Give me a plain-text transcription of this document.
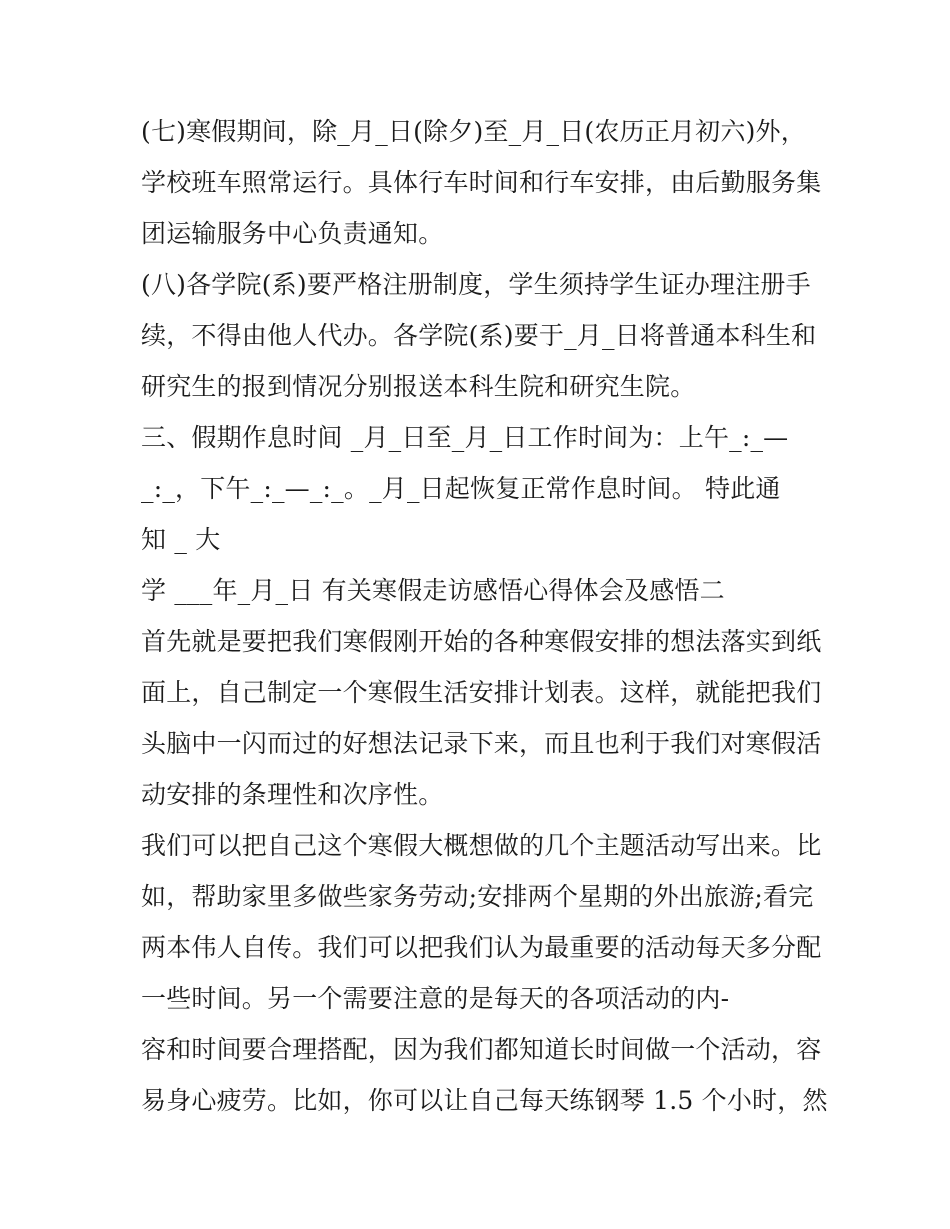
(七)寒假期间，除_月_日(除夕)至_月_日(农历正月初六)外，
学校班车照常运行。具体行车时间和行车安排，由后勤服务集
团运输服务中心负责通知。
(八)各学院(系)要严格注册制度，学生须持学生证办理注册手
续，不得由他人代办。各学院(系)要于_月_日将普通本科生和
研究生的报到情况分别报送本科生院和研究生院。
三、假期作息时间 _月_日至_月_日工作时间为：上午_:_—
_:_，下午_:_—_:_。_月_日起恢复正常作息时间。 特此通
知 _ 大
学 ___年_月_日 有关寒假走访感悟心得体会及感悟二
首先就是要把我们寒假刚开始的各种寒假安排的想法落实到纸
面上，自己制定一个寒假生活安排计划表。这样，就能把我们
头脑中一闪而过的好想法记录下来，而且也利于我们对寒假活
动安排的条理性和次序性。
我们可以把自己这个寒假大概想做的几个主题活动写出来。比
如，帮助家里多做些家务劳动;安排两个星期的外出旅游;看完
两本伟人自传。我们可以把我们认为最重要的活动每天多分配
一些时间。另一个需要注意的是每天的各项活动的内-
容和时间要合理搭配，因为我们都知道长时间做一个活动，容
易身心疲劳。比如，你可以让自己每天练钢琴 1.5 个小时，然
